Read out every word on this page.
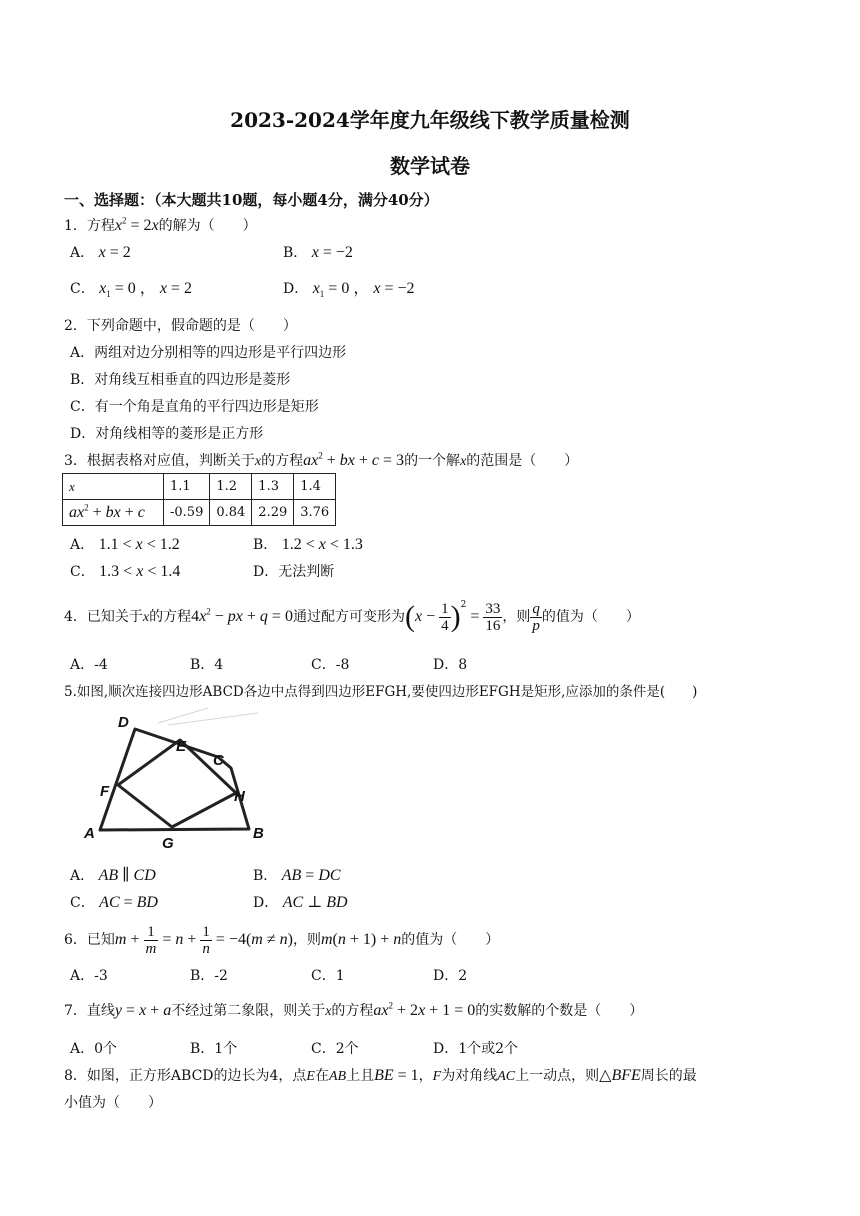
2023-2024学年度九年级线下教学质量检测
数学试卷
一、选择题：（本大题共10题，每小题4分，满分40分）
1．方程$x^2 = 2x$的解为（　　）
A． x = 2	B． x = −2
C． $x_1 = 0$ ， x = 2	D． $x_1 = 0$ ， x = −2
2．下列命题中，假命题的是（　　）
A．两组对边分别相等的四边形是平行四边形
B．对角线互相垂直的四边形是菱形
C．有一个角是直角的平行四边形是矩形
D．对角线相等的菱形是正方形
3．根据表格对应值，判断关于x的方程$ax^2$ + bx + c = 3的一个解x的范围是（　　）
x	1.1	1.2	1.3	1.4
$ax^2$ + bx + c	-0.59	0.84	2.29	3.76
A． 1.1 < x < 1.2	B． 1.2 < x < 1.3
C． 1.3 < x < 1.4	D．无法判断
4．已知关于x的方程$4x^2$ − px + q = 0通过配方可变形为$(x - \frac{1}{4} )^2 = \frac{33}{16}$ ，则 $\frac{q}{p}$ 的值为（　　）
A．-4	B．4	C．-8	D．8
5.如图,顺次连接四边形ABCD各边中点得到四边形EFGH,要使四边形EFGH是矩形,应添加的条件是(　　)
D
E
C
F	H
A
G
B
A． AB ∥ CD	B． AB = DC
C． AC = BD	D． AC ⊥ BD
6．已知$m + \frac{1}{m} = n + \frac{1}{n} = -4(m \ne n)$，则m(n + 1) + n的值为（　　）
A．-3	B．-2	C．1	D．2
7．直线y = x + a不经过第二象限，则关于x的方程$ax^2 + 2x + 1 = 0$的实数解的个数是（　　）
A．0个	B．1个	C．2个	D．1个或2个
8．如图，正方形ABCD的边长为4，点E在AB上且BE = 1，F为对角线AC上一动点，则△BFE周长的最
小值为（　　）
